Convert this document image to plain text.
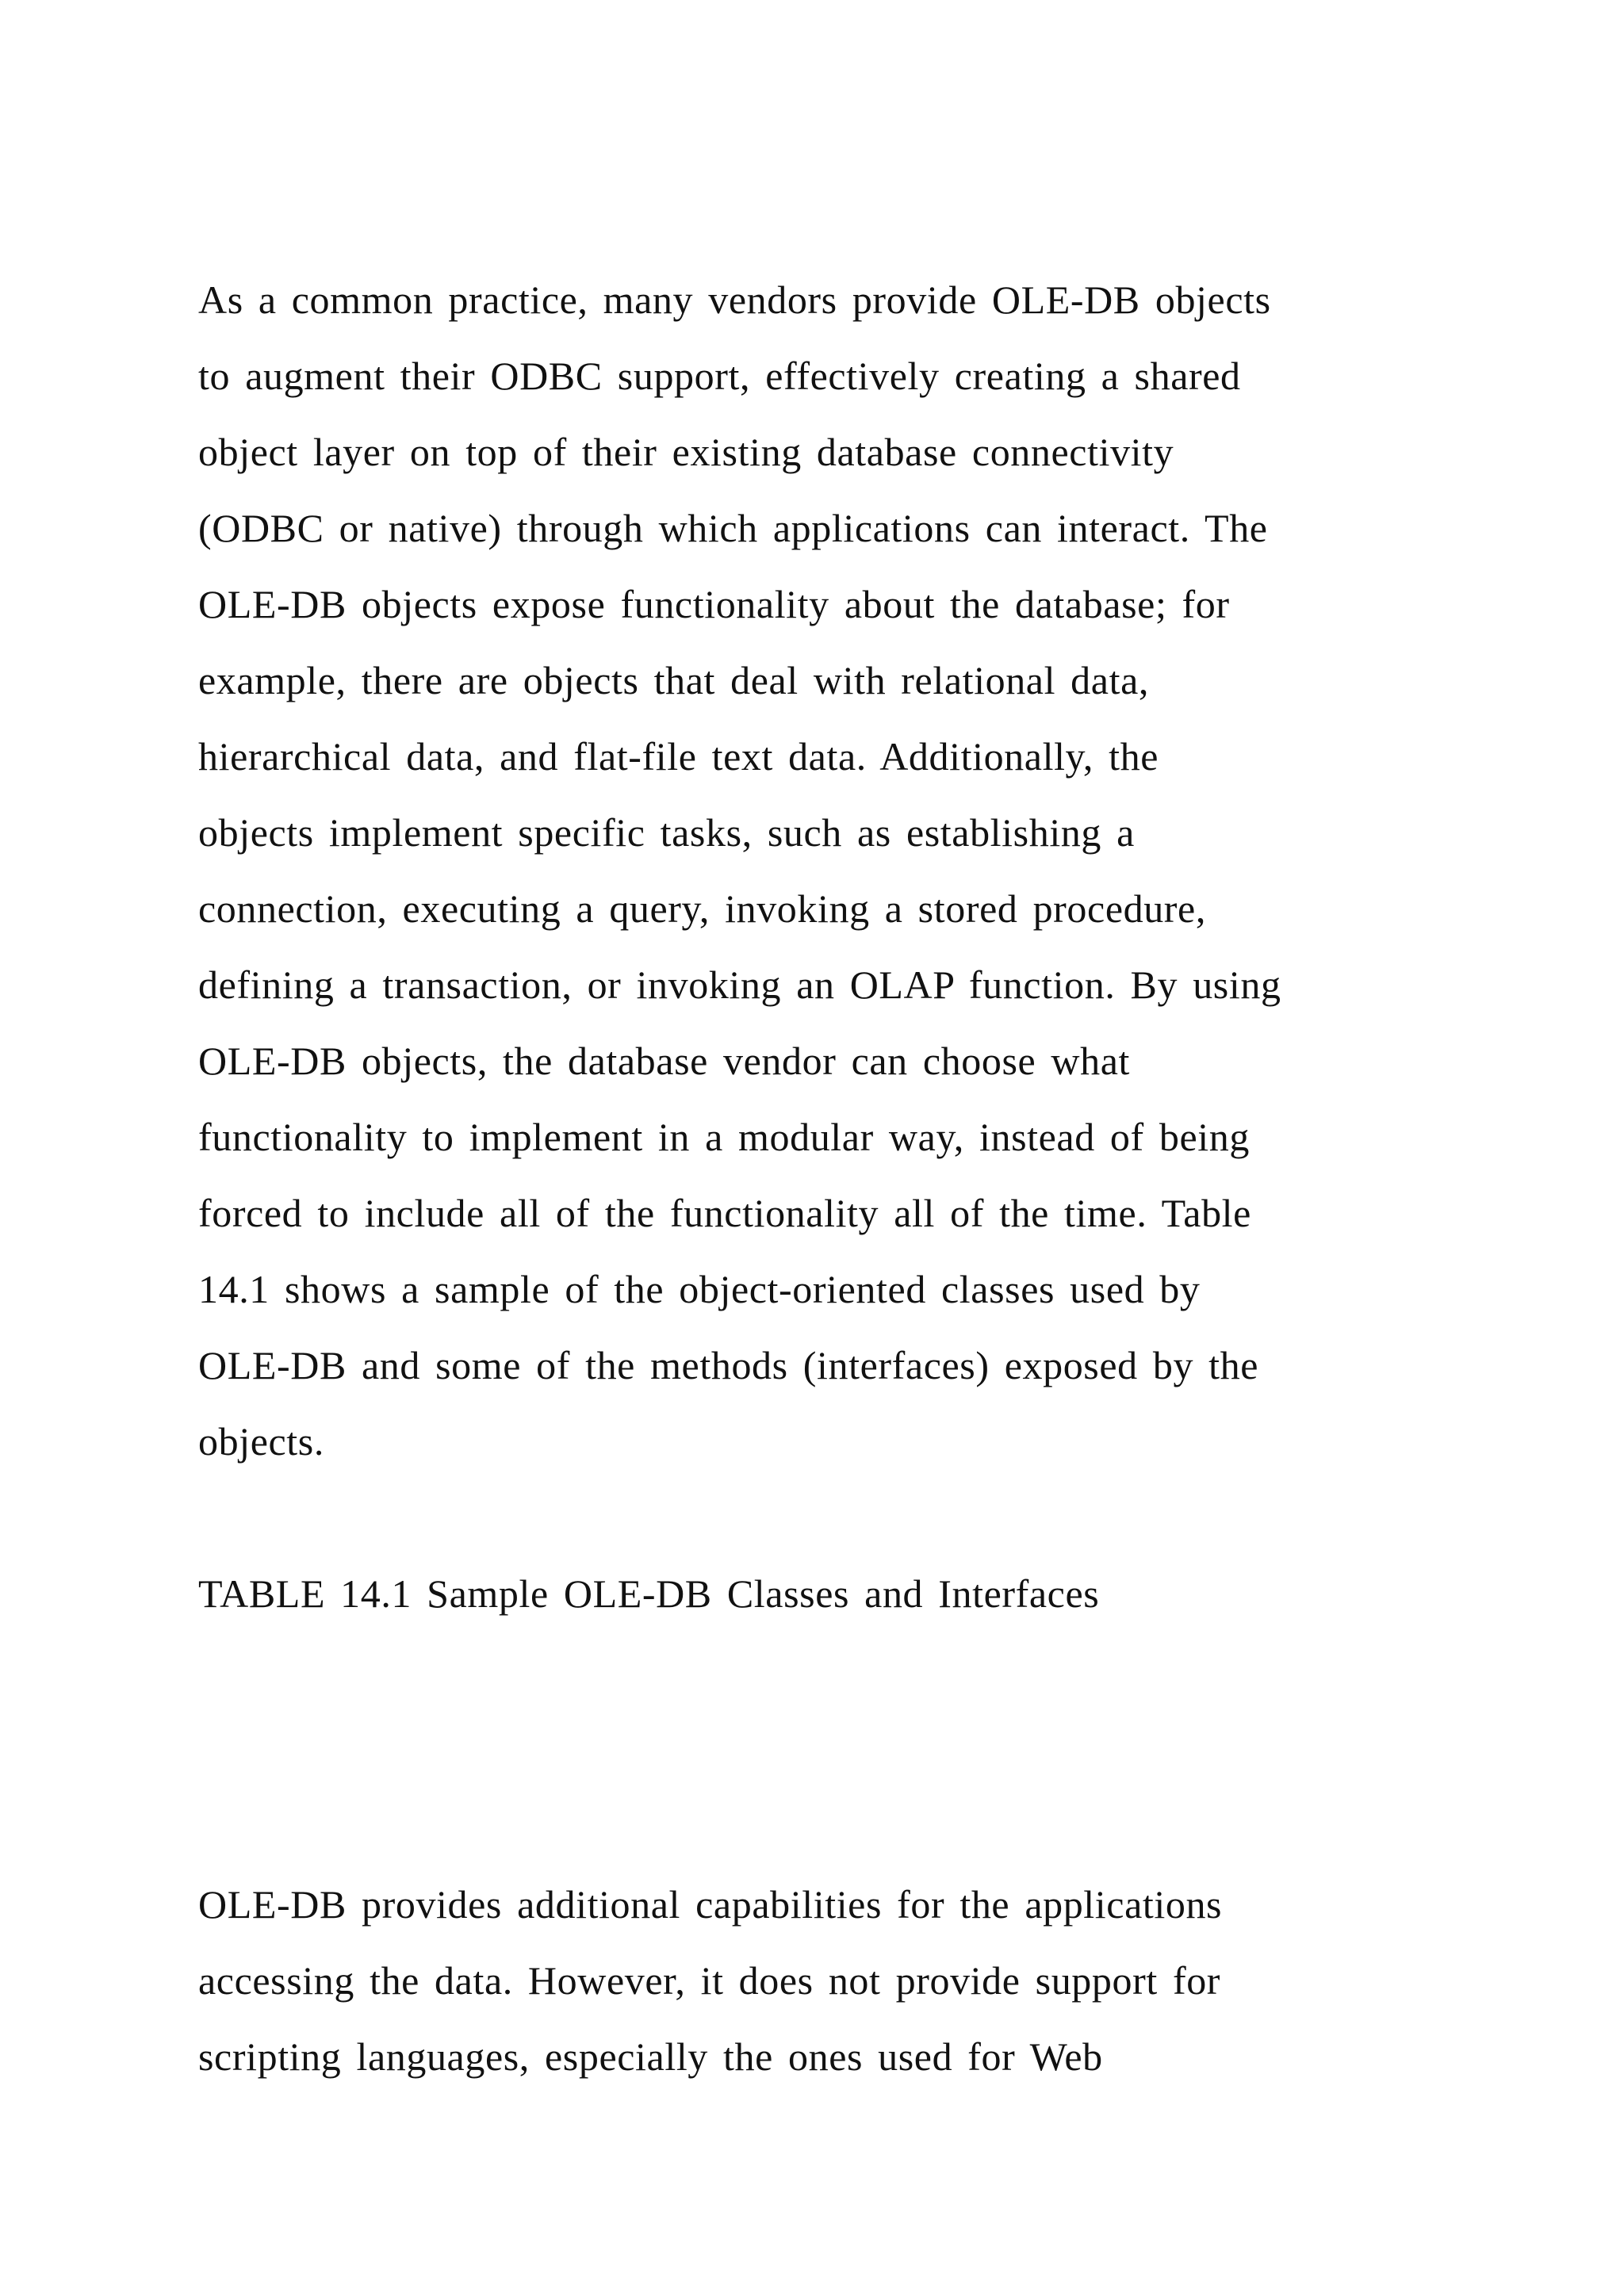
As a common practice, many vendors provide OLE-DB objects

to augment their ODBC support, effectively creating a shared

object layer on top of their existing database connectivity

(ODBC or native) through which applications can interact. The

OLE-DB objects expose functionality about the database; for

example, there are objects that deal with relational data,

hierarchical data, and flat-file text data. Additionally, the

objects implement specific tasks, such as establishing a

connection, executing a query, invoking a stored procedure,

defining a transaction, or invoking an OLAP function. By using

OLE-DB objects, the database vendor can choose what

functionality to implement in a modular way, instead of being

forced to include all of the functionality all of the time. Table

14.1 shows a sample of the object-oriented classes used by

OLE-DB and some of the methods (interfaces) exposed by the

objects.

TABLE 14.1 Sample OLE-DB Classes and Interfaces

OLE-DB provides additional capabilities for the applications

accessing the data. However, it does not provide support for

scripting languages, especially the ones used for Web
